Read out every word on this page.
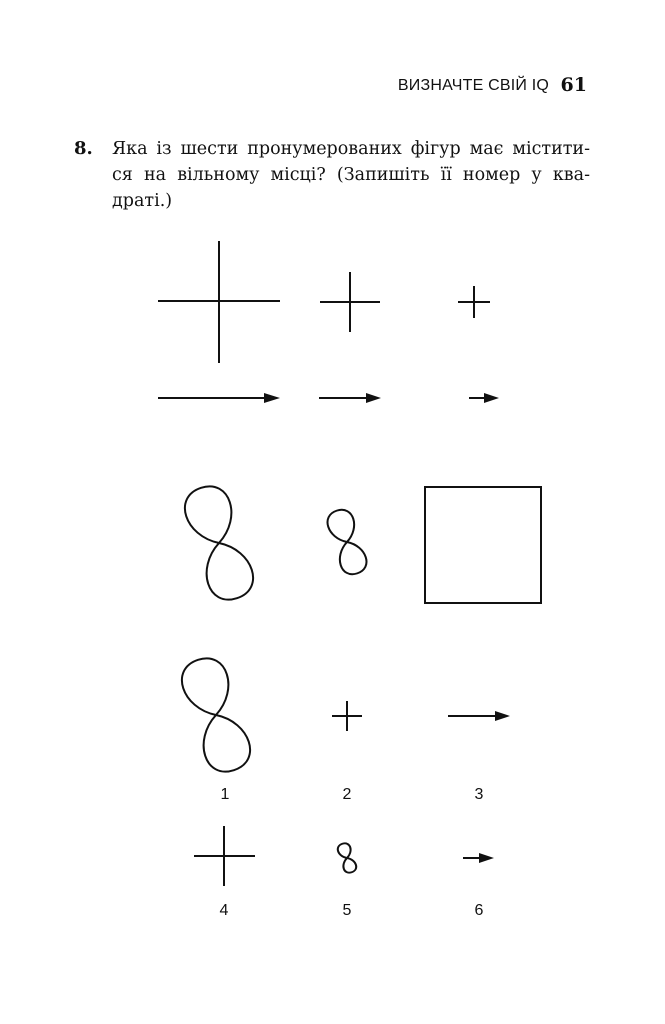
ВИЗНАЧТЕ СВІЙ IQ 61
8. Яка із шести пронумерованих фігур має містити-
ся на вільному місці? (Запишіть її номер у ква-
драті.)
1	2	3
4	5	6
